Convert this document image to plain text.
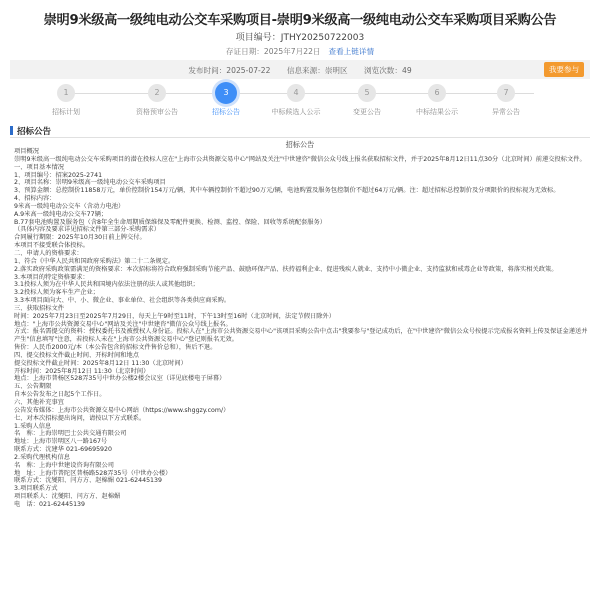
崇明9米级高一级纯电动公交车采购项目-崇明9米级高一级纯电动公交车采购项目采购公告
项目编号：JTHY20250722003
存证日期：2025年7月22日 查看上链详情
发布时间：2025-07-22 信息来源：崇明区 浏览次数：49	我要参与
1
招标计划
2
资格预审公告
3
招标公告
4
中标候选人公示
5
变更公告
6
中标结果公示
7
异常公告
招标公告
招标公告

项目概况

崇明9米级高一级纯电动公交车采购项目的潜在投标人应在"上海市公共资源交易中心"网站及关注"中世建咨"微信公众号线上报名获取招标文件，并于2025年8月12日11点30分（北京时间）前递交投标文件。

一、项目基本情况

1、项目编号：招案2025-2741

2、项目名称：崇明9米级高一级纯电动公交车采购项目

3、预算金额：总控制价11858万元，单价控制价154万元/辆，其中车辆控制价不超过90万元/辆，电池购置及服务包控制价不超过64万元/辆。注：超过招标总控制价及分项限价的投标视为无效标。

4、招标内容：

9米高一级纯电动公交车（含动力电池）

A.9米高一级纯电动公交车77辆；

B.77套电池购置及服务包（含8年全生命周期质保维保及零配件更换、检测、监控、保险、回收等系统配套服务）

（具体内容及要求详见招标文件第三部分-采购需求）

合同履行期限：2025年10月30日前上牌交付。

本项目不接受联合体投标。

二、申请人的资格要求：

1、符合《中华人民共和国政府采购法》第二十二条规定。

2.落实政府采购政策需满足的资格要求：本次招标将符合政府强制采购节能产品、鼓励环保产品、扶持福利企业、促进残疾人就业、支持中小微企业、支持监狱和戒毒企业等政策，将落实相关政策。

3.本项目的特定资格要求：

3.1投标人须为在中华人民共和国境内依法注册的法人或其他组织；

3.2投标人须为客车生产企业；

3.3本项目面向大、中、小、微企业、事业单位、社会组织等各类供应商采购。

三、获取招标文件

时间：2025年7月23日至2025年7月29日，每天上午9时至11时，下午13时至16时（北京时间，法定节假日除外）

地点："上海市公共资源交易中心"网站及关注"中世建咨"微信公众号线上报名。

方式：报名需提交的资料：授权委托书及被授权人身份证。投标人在"上海市公共资源交易中心"该项目采购公告中点击"我要参与"登记成功后，在"中世建咨"微信公众号按提示完成报名资料上传及保证金递送并产生"信息填写"注意，若投标人未在"上海市公共资源交易中心"登记则报名无效。

售价：人民币2000元/本（本公告包含的招标文件售价总和），售后不退。

四、提交投标文件截止时间、开标时间和地点

提交投标文件截止时间：2025年8月12日 11:30（北京时间）

开标时间：2025年8月12日 11:30（北京时间）

地点：上海市普杨区528弄35号中世办公楼2楼会议室（详见底楼电子屏幕）

五、公告期限

自本公告发布之日起5个工作日。

六、其他补充事宜

公告发布媒体：上海市公共资源交易中心网站（https://www.shggzy.com/）

七、对本次招标提出询问，请按以下方式联系。

1.采购人信息

名　称：上海崇明巴士公共交通有限公司

地址：上海市崇明区八一路167号

联系方式：沈建华 021-69695920

2.采购代理机构信息

名　称：上海中世建设咨询有限公司

地　址：上海市普陀区普杨路528弄35号（中世办公楼）

联系方式：沈燮阳、闫方方、赵棉媚 021-62445139

3.项目联系方式

项目联系人：沈燮阳、闫方方、赵棉媚

电　话：021-62445139
